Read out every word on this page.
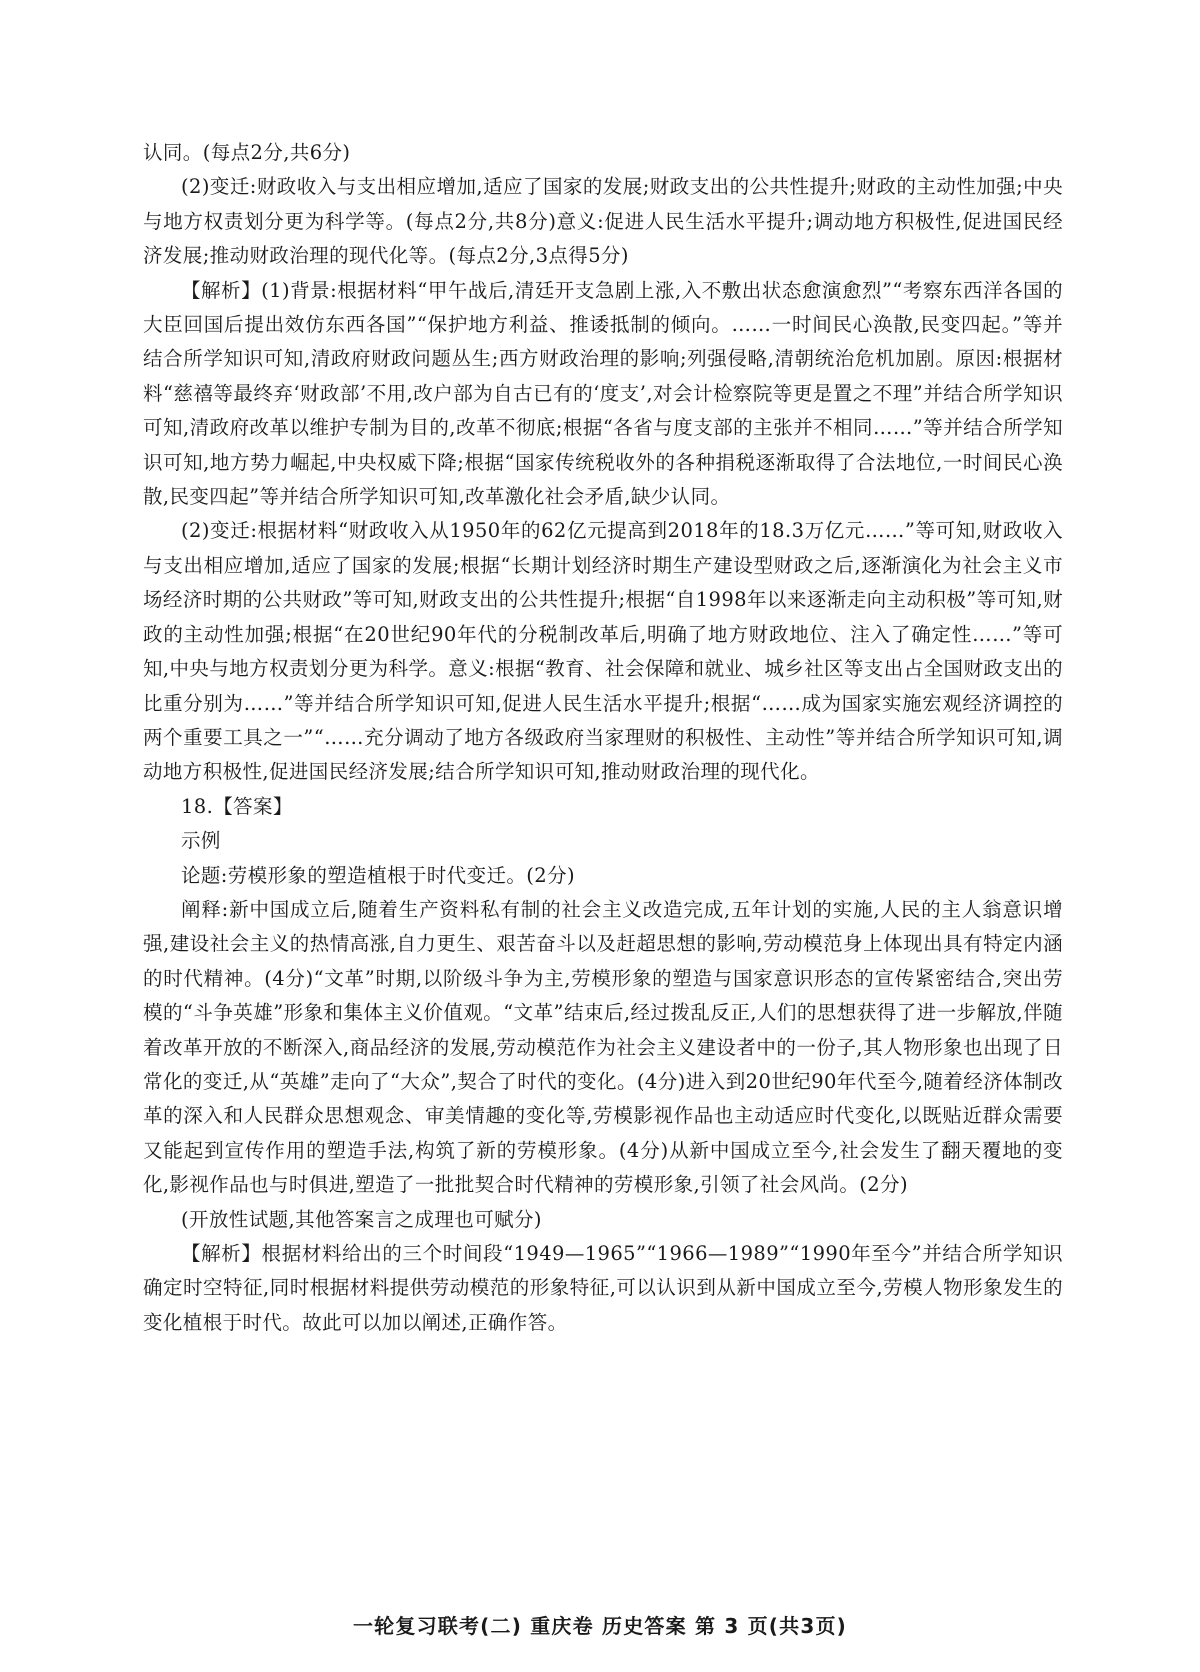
认同。(每点2分,共6分)

(2)变迁:财政收入与支出相应增加,适应了国家的发展;财政支出的公共性提升;财政的主动性加强;中央与地方权责划分更为科学等。(每点2分,共8分)意义:促进人民生活水平提升;调动地方积极性,促进国民经济发展;推动财政治理的现代化等。(每点2分,3点得5分)

【解析】(1)背景:根据材料“甲午战后,清廷开支急剧上涨,入不敷出状态愈演愈烈”“考察东西洋各国的大臣回国后提出效仿东西各国”“保护地方利益、推诿抵制的倾向。……一时间民心涣散,民变四起。”等并结合所学知识可知,清政府财政问题丛生;西方财政治理的影响;列强侵略,清朝统治危机加剧。原因:根据材料“慈禧等最终弃‘财政部’不用,改户部为自古已有的‘度支’,对会计检察院等更是置之不理”并结合所学知识可知,清政府改革以维护专制为目的,改革不彻底;根据“各省与度支部的主张并不相同……”等并结合所学知识可知,地方势力崛起,中央权威下降;根据“国家传统税收外的各种捐税逐渐取得了合法地位,一时间民心涣散,民变四起”等并结合所学知识可知,改革激化社会矛盾,缺少认同。

(2)变迁:根据材料“财政收入从1950年的62亿元提高到2018年的18.3万亿元……”等可知,财政收入与支出相应增加,适应了国家的发展;根据“长期计划经济时期生产建设型财政之后,逐渐演化为社会主义市场经济时期的公共财政”等可知,财政支出的公共性提升;根据“自1998年以来逐渐走向主动积极”等可知,财政的主动性加强;根据“在20世纪90年代的分税制改革后,明确了地方财政地位、注入了确定性……”等可知,中央与地方权责划分更为科学。意义:根据“教育、社会保障和就业、城乡社区等支出占全国财政支出的比重分别为……”等并结合所学知识可知,促进人民生活水平提升;根据“……成为国家实施宏观经济调控的两个重要工具之一”“……充分调动了地方各级政府当家理财的积极性、主动性”等并结合所学知识可知,调动地方积极性,促进国民经济发展;结合所学知识可知,推动财政治理的现代化。

18.【答案】

示例

论题:劳模形象的塑造植根于时代变迁。(2分)

阐释:新中国成立后,随着生产资料私有制的社会主义改造完成,五年计划的实施,人民的主人翁意识增强,建设社会主义的热情高涨,自力更生、艰苦奋斗以及赶超思想的影响,劳动模范身上体现出具有特定内涵的时代精神。(4分)“文革”时期,以阶级斗争为主,劳模形象的塑造与国家意识形态的宣传紧密结合,突出劳模的“斗争英雄”形象和集体主义价值观。“文革”结束后,经过拨乱反正,人们的思想获得了进一步解放,伴随着改革开放的不断深入,商品经济的发展,劳动模范作为社会主义建设者中的一份子,其人物形象也出现了日常化的变迁,从“英雄”走向了“大众”,契合了时代的变化。(4分)进入到20世纪90年代至今,随着经济体制改革的深入和人民群众思想观念、审美情趣的变化等,劳模影视作品也主动适应时代变化,以既贴近群众需要又能起到宣传作用的塑造手法,构筑了新的劳模形象。(4分)从新中国成立至今,社会发生了翻天覆地的变化,影视作品也与时俱进,塑造了一批批契合时代精神的劳模形象,引领了社会风尚。(2分)

(开放性试题,其他答案言之成理也可赋分)

【解析】根据材料给出的三个时间段“1949—1965”“1966—1989”“1990年至今”并结合所学知识确定时空特征,同时根据材料提供劳动模范的形象特征,可以认识到从新中国成立至今,劳模人物形象发生的变化植根于时代。故此可以加以阐述,正确作答。

一轮复习联考(二) 重庆卷 历史答案 第 3 页(共3页)
